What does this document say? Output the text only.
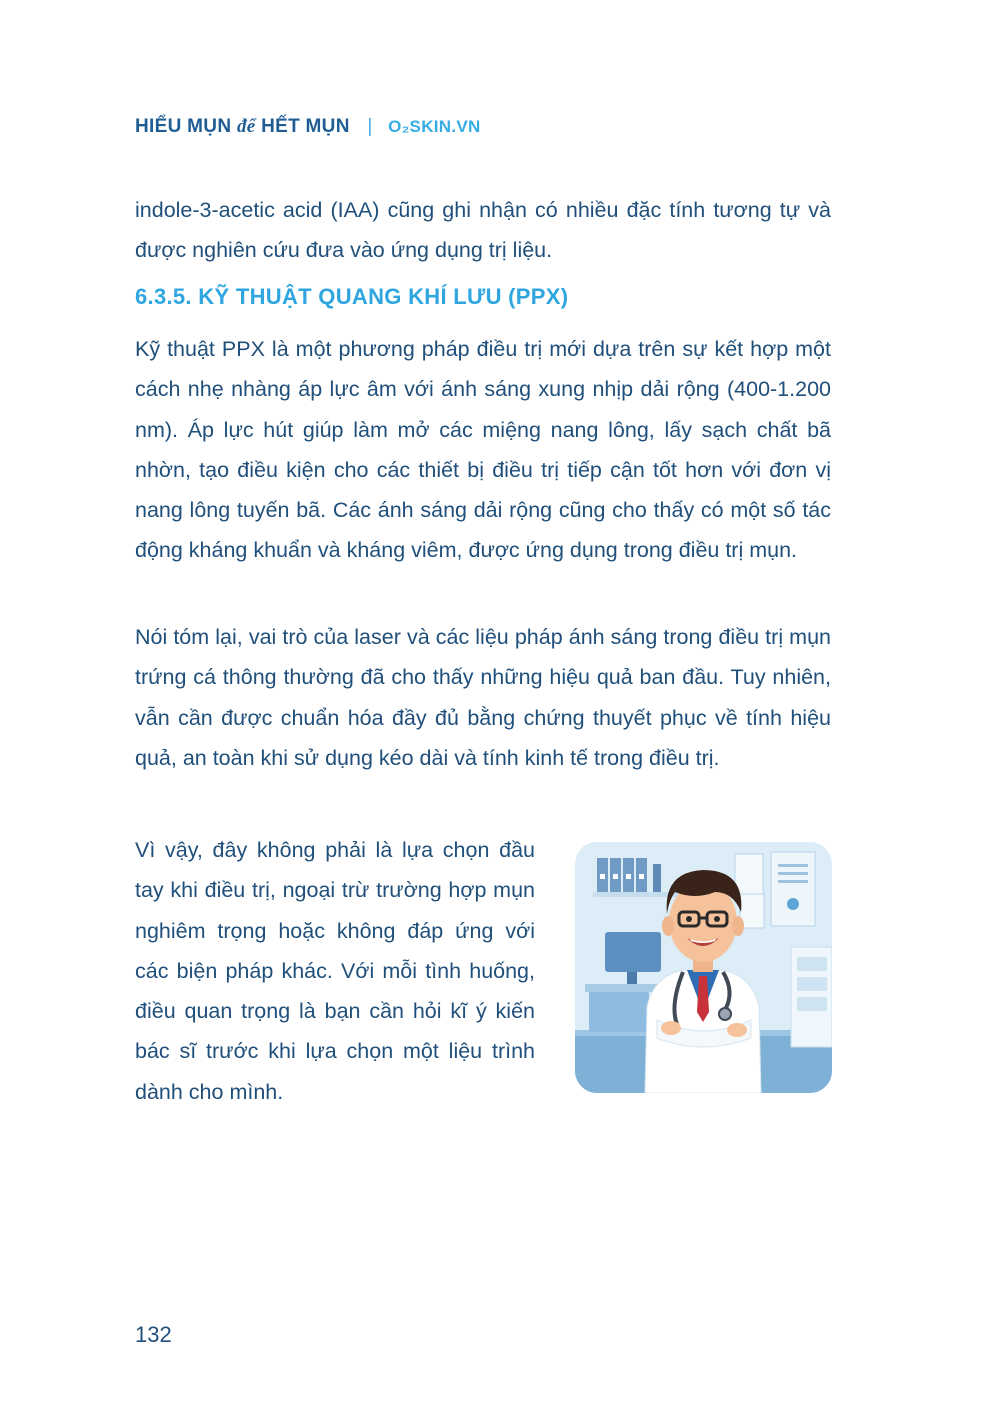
HIỂU MỤN để HẾT MỤN | O₂SKIN.VN

indole-3-acetic acid (IAA) cũng ghi nhận có nhiều đặc tính tương tự và được nghiên cứu đưa vào ứng dụng trị liệu.

6.3.5. KỸ THUẬT QUANG KHÍ LƯU (PPX)

Kỹ thuật PPX là một phương pháp điều trị mới dựa trên sự kết hợp một cách nhẹ nhàng áp lực âm với ánh sáng xung nhịp dải rộng (400-1.200 nm). Áp lực hút giúp làm mở các miệng nang lông, lấy sạch chất bã nhờn, tạo điều kiện cho các thiết bị điều trị tiếp cận tốt hơn với đơn vị nang lông tuyến bã. Các ánh sáng dải rộng cũng cho thấy có một số tác động kháng khuẩn và kháng viêm, được ứng dụng trong điều trị mụn.

Nói tóm lại, vai trò của laser và các liệu pháp ánh sáng trong điều trị mụn trứng cá thông thường đã cho thấy những hiệu quả ban đầu. Tuy nhiên, vẫn cần được chuẩn hóa đầy đủ bằng chứng thuyết phục về tính hiệu quả, an toàn khi sử dụng kéo dài và tính kinh tế trong điều trị.

Vì vậy, đây không phải là lựa chọn đầu tay khi điều trị, ngoại trừ trường hợp mụn nghiêm trọng hoặc không đáp ứng với các biện pháp khác. Với mỗi tình huống, điều quan trọng là bạn cần hỏi kĩ ý kiến bác sĩ trước khi lựa chọn một liệu trình dành cho mình.

132
